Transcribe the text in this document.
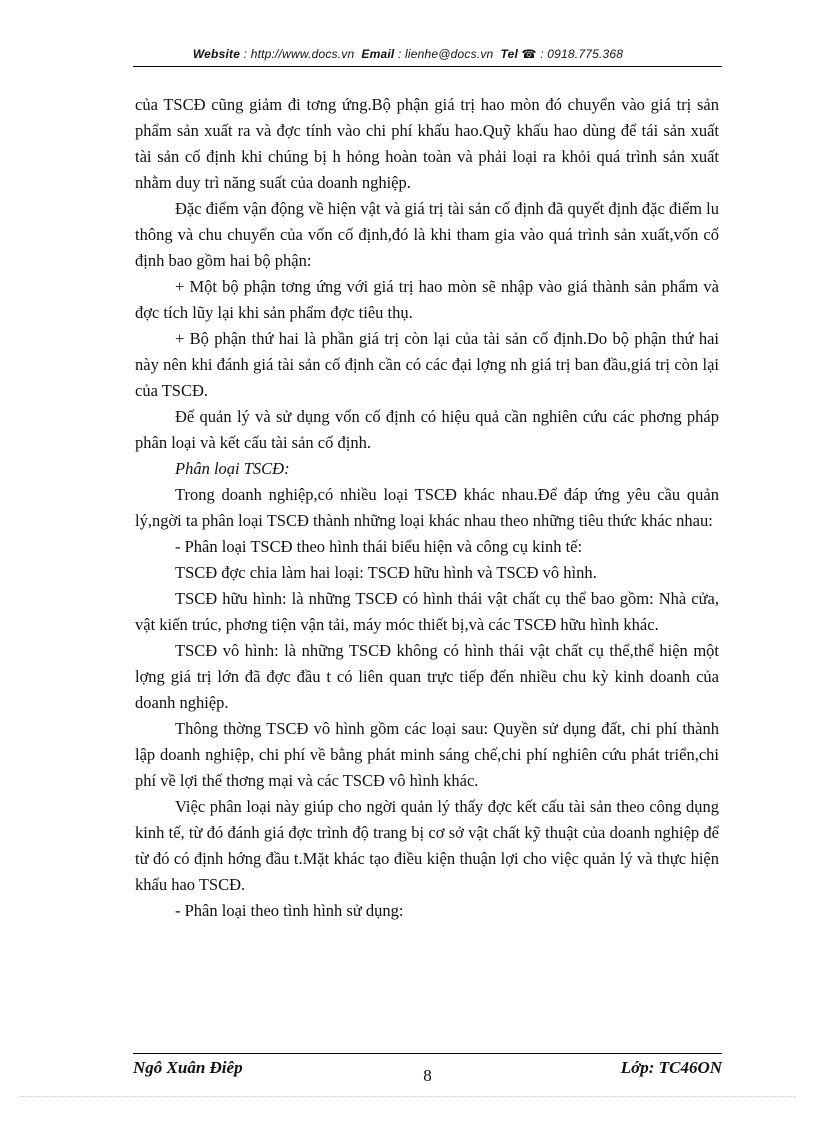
Website : http://www.docs.vn Email : lienhe@docs.vn Tel ☎ : 0918.775.368

của TSCĐ cũng giảm đi tơng ứng.Bộ phận giá trị hao mòn đó chuyển vào giá trị sản phẩm sản xuất ra và đợc tính vào chi phí khấu hao.Quỹ khấu hao dùng để tái sản xuất tài sản cố định khi chúng bị h hỏng hoàn toàn và phải loại ra khỏi quá trình sản xuất nhằm duy trì năng suất của doanh nghiệp.

Đặc điểm vận động về hiện vật và giá trị tài sản cố định đã quyết định đặc điểm lu thông và chu chuyển của vốn cố định,đó là khi tham gia vào quá trình sản xuất,vốn cố định bao gồm hai bộ phận:

+ Một bộ phận tơng ứng với giá trị hao mòn sẽ nhập vào giá thành sản phẩm và đợc tích lũy lại khi sản phẩm đợc tiêu thụ.

+ Bộ phận thứ hai là phần giá trị còn lại của tài sản cố định.Do bộ phận thứ hai này nên khi đánh giá tài sản cố định cần có các đại lợng nh giá trị ban đầu,giá trị còn lại của TSCĐ.

Để quản lý và sử dụng vốn cố định có hiệu quả cần nghiên cứu các phơng pháp phân loại và kết cấu tài sản cố định.

Phân loại TSCĐ:

Trong doanh nghiệp,có nhiều loại TSCĐ khác nhau.Để đáp ứng yêu cầu quản lý,ngời ta phân loại TSCĐ thành những loại khác nhau theo những tiêu thức khác nhau:

- Phân loại TSCĐ theo hình thái biểu hiện và công cụ kinh tế:

TSCĐ đợc chia làm hai loại: TSCĐ hữu hình và TSCĐ vô hình.

TSCĐ hữu hình: là những TSCĐ có hình thái vật chất cụ thể bao gồm: Nhà cửa, vật kiến trúc, phơng tiện vận tải, máy móc thiết bị,và các TSCĐ hữu hình khác.

TSCĐ vô hình: là những TSCĐ không có hình thái vật chất cụ thể,thể hiện một lợng giá trị lớn đã đợc đầu t có liên quan trực tiếp đến nhiều chu kỳ kinh doanh của doanh nghiệp.

Thông thờng TSCĐ vô hình gồm các loại sau: Quyền sử dụng đất, chi phí thành lập doanh nghiệp, chi phí về bằng phát minh sáng chế,chi phí nghiên cứu phát triển,chi phí về lợi thế thơng mại và các TSCĐ vô hình khác.

Việc phân loại này giúp cho ngời quản lý thấy đợc kết cấu tài sản theo công dụng kinh tế, từ đó đánh giá đợc trình độ trang bị cơ sở vật chất kỹ thuật của doanh nghiệp để từ đó có định hớng đầu t.Mặt khác tạo điều kiện thuận lợi cho việc quản lý và thực hiện khấu hao TSCĐ.

- Phân loại theo tình hình sử dụng:

Ngô Xuân Điêp	8	Lớp: TC46ON
